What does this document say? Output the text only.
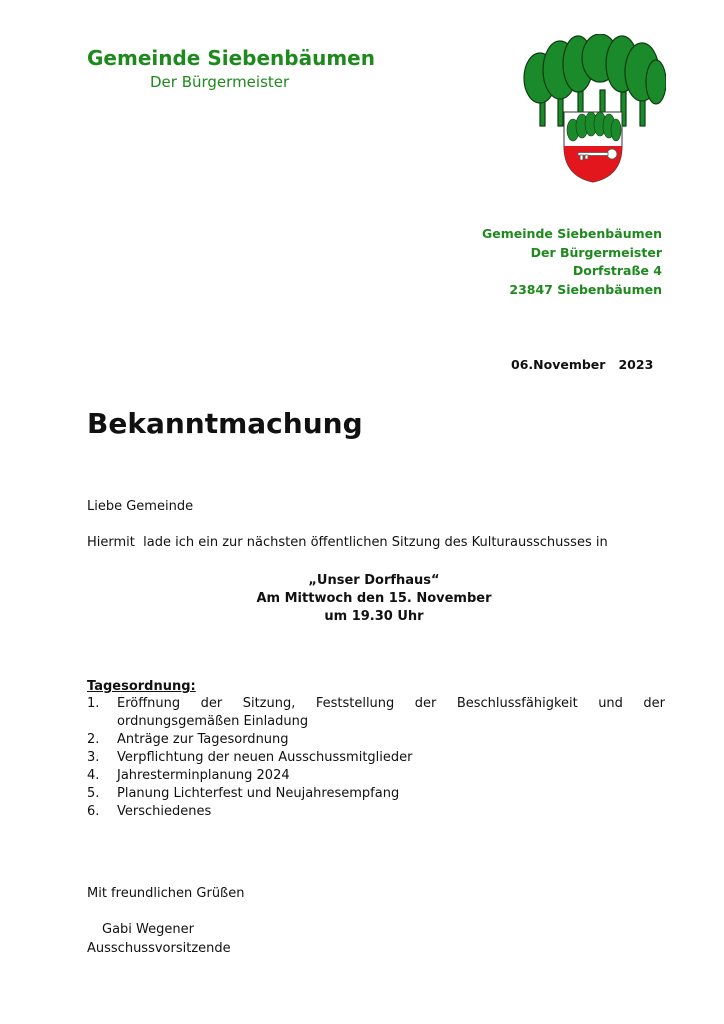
Gemeinde Siebenbäumen
Der Bürgermeister
Gemeinde Siebenbäumen
Der Bürgermeister
Dorfstraße 4
23847 Siebenbäumen
06.November   2023
Bekanntmachung
Liebe Gemeinde
Hiermit  lade ich ein zur nächsten öffentlichen Sitzung des Kulturausschusses in
„Unser Dorfhaus“
Am Mittwoch den 15. November
um 19.30 Uhr
Tagesordnung:
1. Eröffnung der Sitzung, Feststellung der Beschlussfähigkeit und der ordnungsgemäßen Einladung
2. Anträge zur Tagesordnung
3. Verpflichtung der neuen Ausschussmitglieder
4. Jahresterminplanung 2024
5. Planung Lichterfest und Neujahresempfang
6. Verschiedenes
Mit freundlichen Grüßen
Gabi Wegener
Ausschussvorsitzende
